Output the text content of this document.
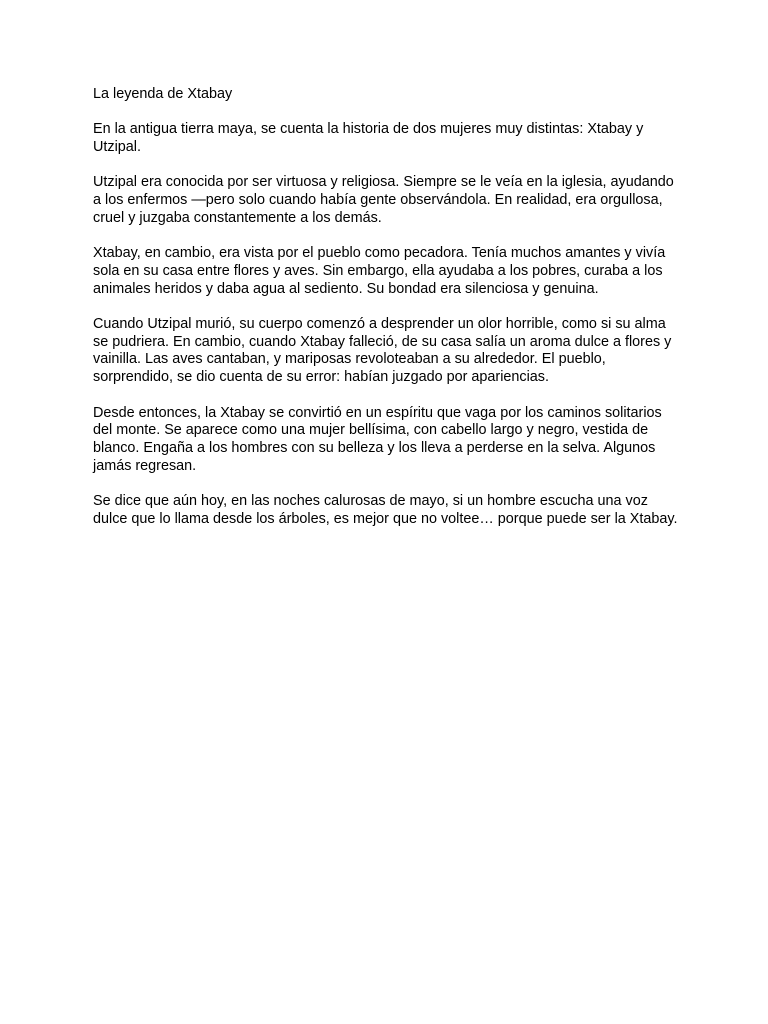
La leyenda de Xtabay

En la antigua tierra maya, se cuenta la historia de dos mujeres muy distintas: Xtabay y Utzipal.

Utzipal era conocida por ser virtuosa y religiosa. Siempre se le veía en la iglesia, ayudando a los enfermos —pero solo cuando había gente observándola. En realidad, era orgullosa, cruel y juzgaba constantemente a los demás.

Xtabay, en cambio, era vista por el pueblo como pecadora. Tenía muchos amantes y vivía sola en su casa entre flores y aves. Sin embargo, ella ayudaba a los pobres, curaba a los animales heridos y daba agua al sediento. Su bondad era silenciosa y genuina.

Cuando Utzipal murió, su cuerpo comenzó a desprender un olor horrible, como si su alma se pudriera. En cambio, cuando Xtabay falleció, de su casa salía un aroma dulce a flores y vainilla. Las aves cantaban, y mariposas revoloteaban a su alrededor. El pueblo, sorprendido, se dio cuenta de su error: habían juzgado por apariencias.

Desde entonces, la Xtabay se convirtió en un espíritu que vaga por los caminos solitarios del monte. Se aparece como una mujer bellísima, con cabello largo y negro, vestida de blanco. Engaña a los hombres con su belleza y los lleva a perderse en la selva. Algunos jamás regresan.

Se dice que aún hoy, en las noches calurosas de mayo, si un hombre escucha una voz dulce que lo llama desde los árboles, es mejor que no voltee… porque puede ser la Xtabay.
